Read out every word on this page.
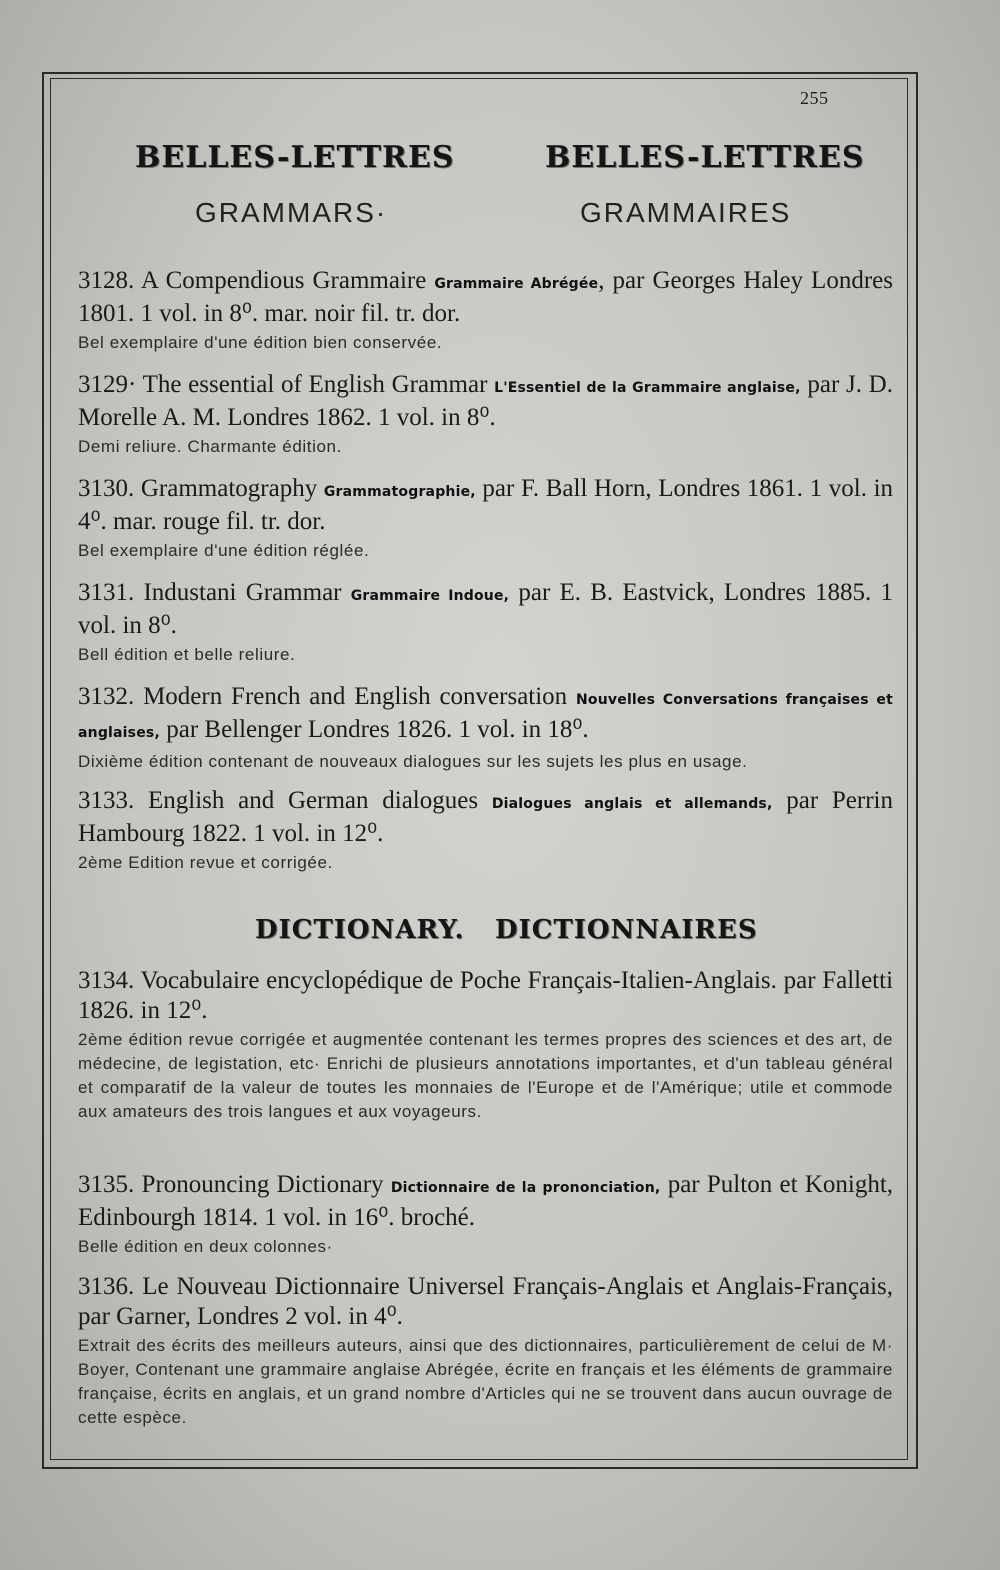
255
BELLES-LETTRES	BELLES-LETTRES
GRAMMARS·	GRAMMAIRES
3128. A Compendious Grammaire Grammaire Abrégée, par Georges Haley Londres 1801. 1 vol. in 8⁰. mar. noir fil. tr. dor.
Bel exemplaire d'une édition bien conservée.
3129· The essential of English Grammar L'Essentiel de la Grammaire anglaise, par J. D. Morelle A. M. Londres 1862. 1 vol. in 8⁰.
Demi reliure. Charmante édition.
3130. Grammatography Grammatographie, par F. Ball Horn, Londres 1861. 1 vol. in 4⁰. mar. rouge fil. tr. dor.
Bel exemplaire d'une édition réglée.
3131. Industani Grammar Grammaire Indoue, par E. B. Eastvick, Londres 1885. 1 vol. in 8⁰.
Bell édition et belle reliure.
3132. Modern French and English conversation Nouvelles Conversations françaises et anglaises, par Bellenger Londres 1826. 1 vol. in 18⁰.
Dixième édition contenant de nouveaux dialogues sur les sujets les plus en usage.
3133. English and German dialogues Dialogues anglais et allemands, par Perrin Hambourg 1822. 1 vol. in 12⁰.
2ème Edition revue et corrigée.
DICTIONARY. DICTIONNAIRES
3134. Vocabulaire encyclopédique de Poche Français-Italien-Anglais. par Falletti 1826. in 12⁰.
2ème édition revue corrigée et augmentée contenant les termes propres des sciences et des art, de médecine, de legistation, etc· Enrichi de plusieurs annotations importantes, et d'un tableau général et comparatif de la valeur de toutes les monnaies de l'Europe et de l'Amérique; utile et commode aux amateurs des trois langues et aux voyageurs.
3135. Pronouncing Dictionary Dictionnaire de la prononciation, par Pulton et Konight, Edinbourgh 1814. 1 vol. in 16⁰. broché.
Belle édition en deux colonnes·
3136. Le Nouveau Dictionnaire Universel Français-Anglais et Anglais-Français, par Garner, Londres 2 vol. in 4⁰.
Extrait des écrits des meilleurs auteurs, ainsi que des dictionnaires, particulièrement de celui de M· Boyer, Contenant une grammaire anglaise Abrégée, écrite en français et les éléments de grammaire française, écrits en anglais, et un grand nombre d'Articles qui ne se trouvent dans aucun ouvrage de cette espèce.
